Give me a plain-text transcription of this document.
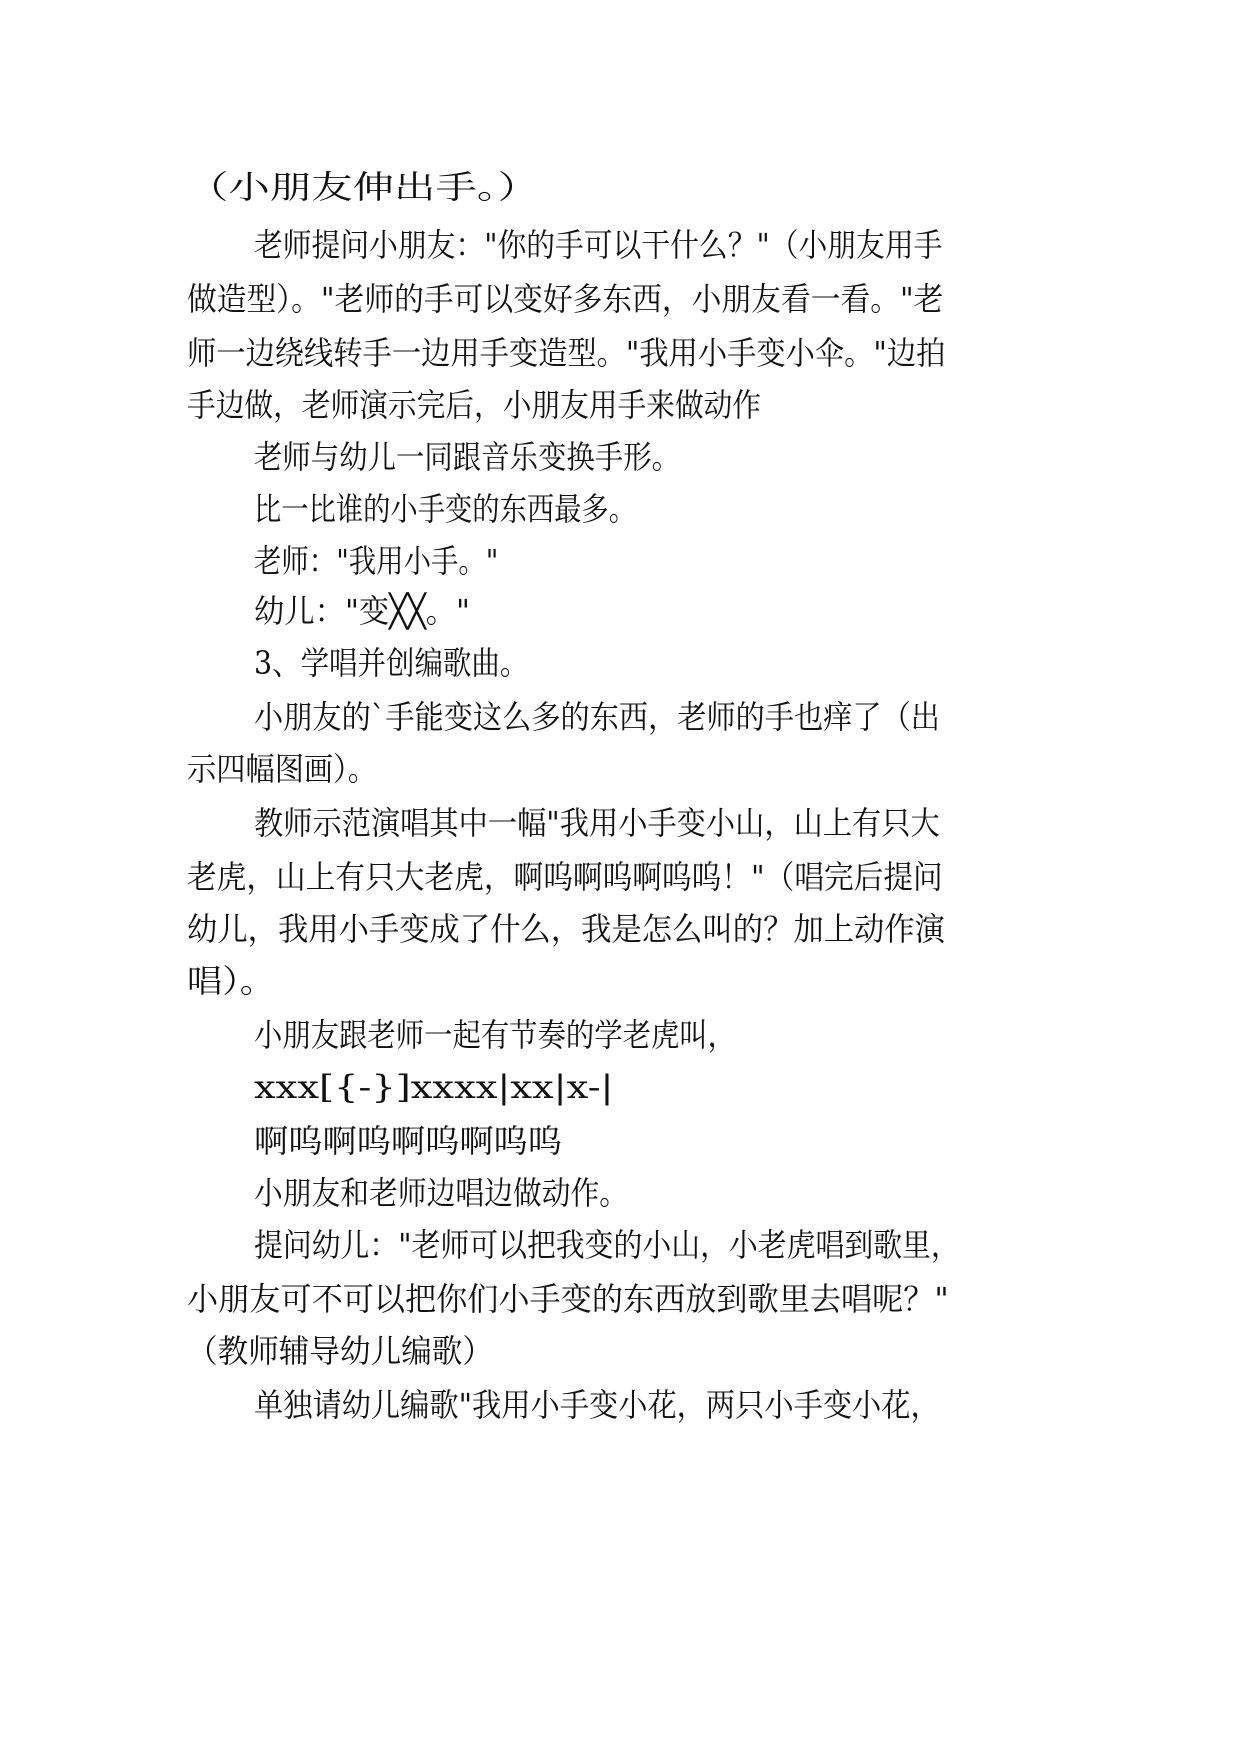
（小朋友伸出手。）
老师提问小朋友："你的手可以干什么？"（小朋友用手
做造型）。"老师的手可以变好多东西，小朋友看一看。"老
师一边绕线转手一边用手变造型。"我用小手变小伞。"边拍
手边做，老师演示完后，小朋友用手来做动作
老师与幼儿一同跟音乐变换手形。
比一比谁的小手变的东西最多。
老师："我用小手。"
幼儿："变╳╳。"
3、学唱并创编歌曲。
小朋友的`手能变这么多的东西，老师的手也痒了（出
示四幅图画）。
教师示范演唱其中一幅"我用小手变小山，山上有只大
老虎，山上有只大老虎，啊呜啊呜啊呜呜！"（唱完后提问
幼儿，我用小手变成了什么，我是怎么叫的？加上动作演
唱）。
小朋友跟老师一起有节奏的学老虎叫，
xxx[{-}]xxxx|xx|x-|
啊呜啊呜啊呜啊呜呜
小朋友和老师边唱边做动作。
提问幼儿："老师可以把我变的小山，小老虎唱到歌里，
小朋友可不可以把你们小手变的东西放到歌里去唱呢？"
（教师辅导幼儿编歌）
单独请幼儿编歌"我用小手变小花，两只小手变小花，
